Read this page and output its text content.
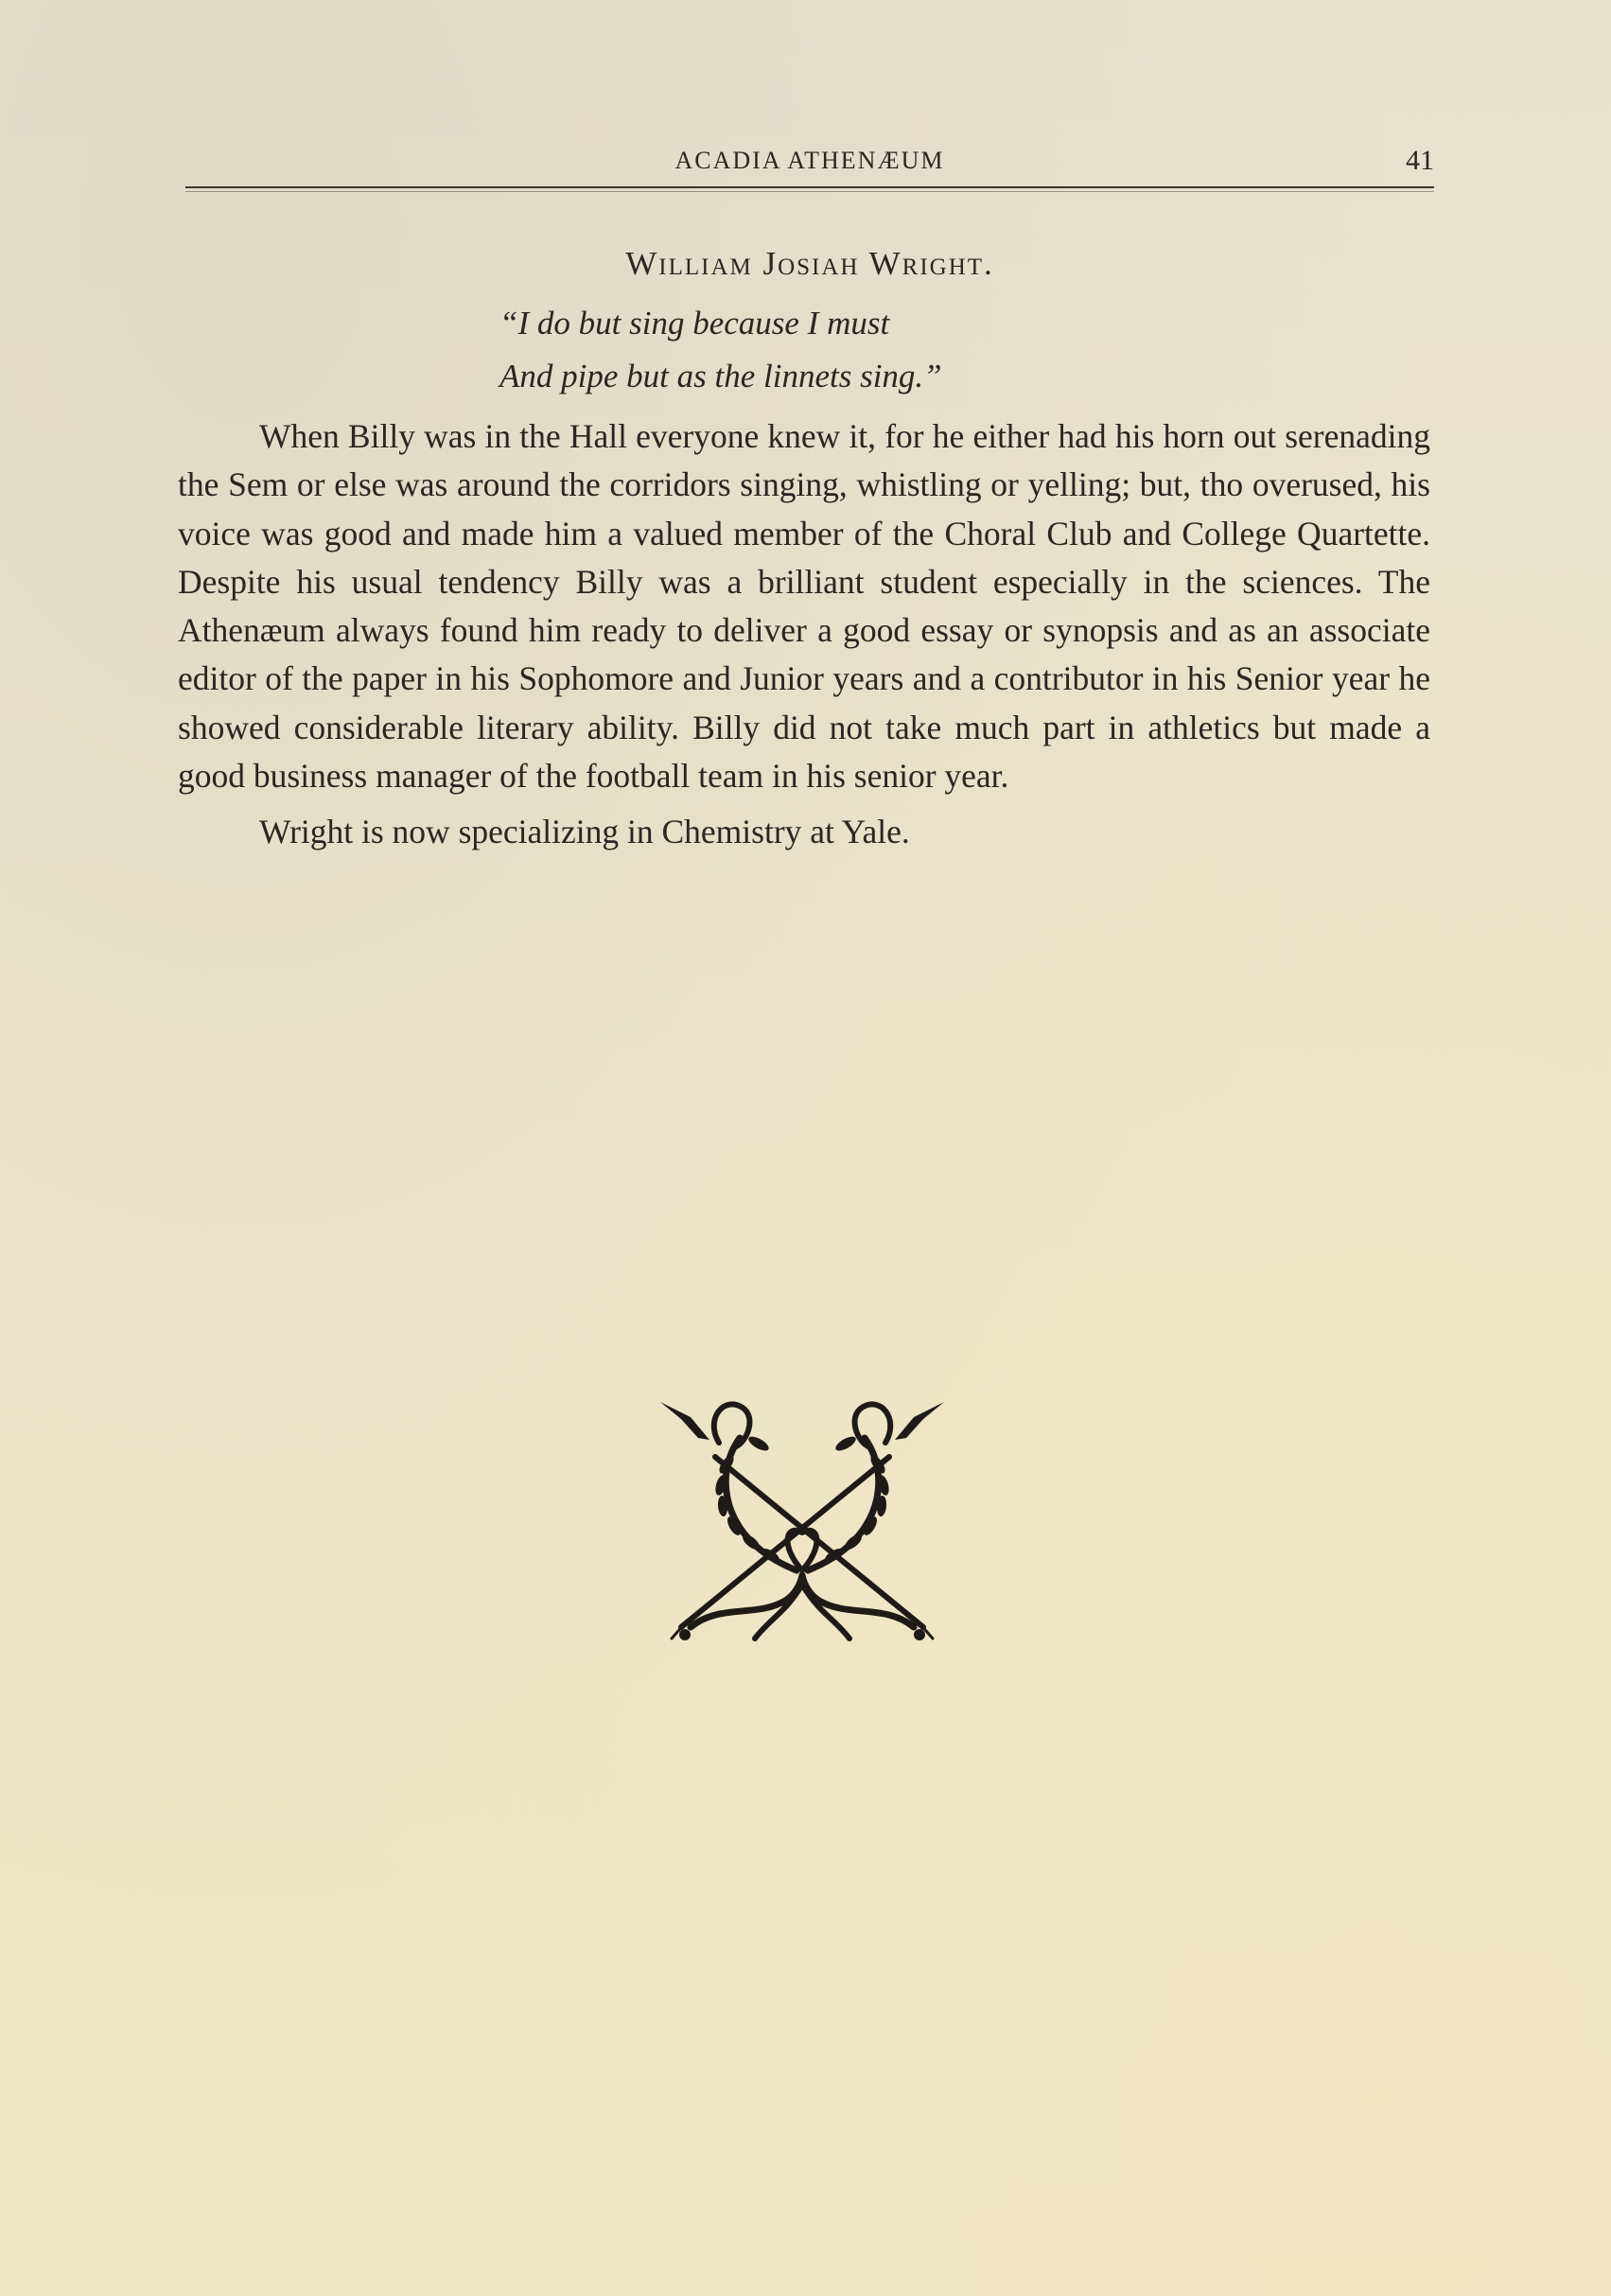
ACADIA ATHENÆUM	41
William Josiah Wright.
“I do but sing because I must
And pipe but as the linnets sing.”

When Billy was in the Hall everyone knew it, for he either had his horn out serenading the Sem or else was around the corridors singing, whistling or yelling; but, tho overused, his voice was good and made him a valued member of the Choral Club and College Quartette. Despite his usual tendency Billy was a brilliant student especially in the sciences. The Athenæum always found him ready to deliver a good essay or synopsis and as an associate editor of the paper in his Sophomore and Junior years and a contributor in his Senior year he showed considerable literary ability. Billy did not take much part in athletics but made a good business manager of the football team in his senior year.

Wright is now specializing in Chemistry at Yale.
